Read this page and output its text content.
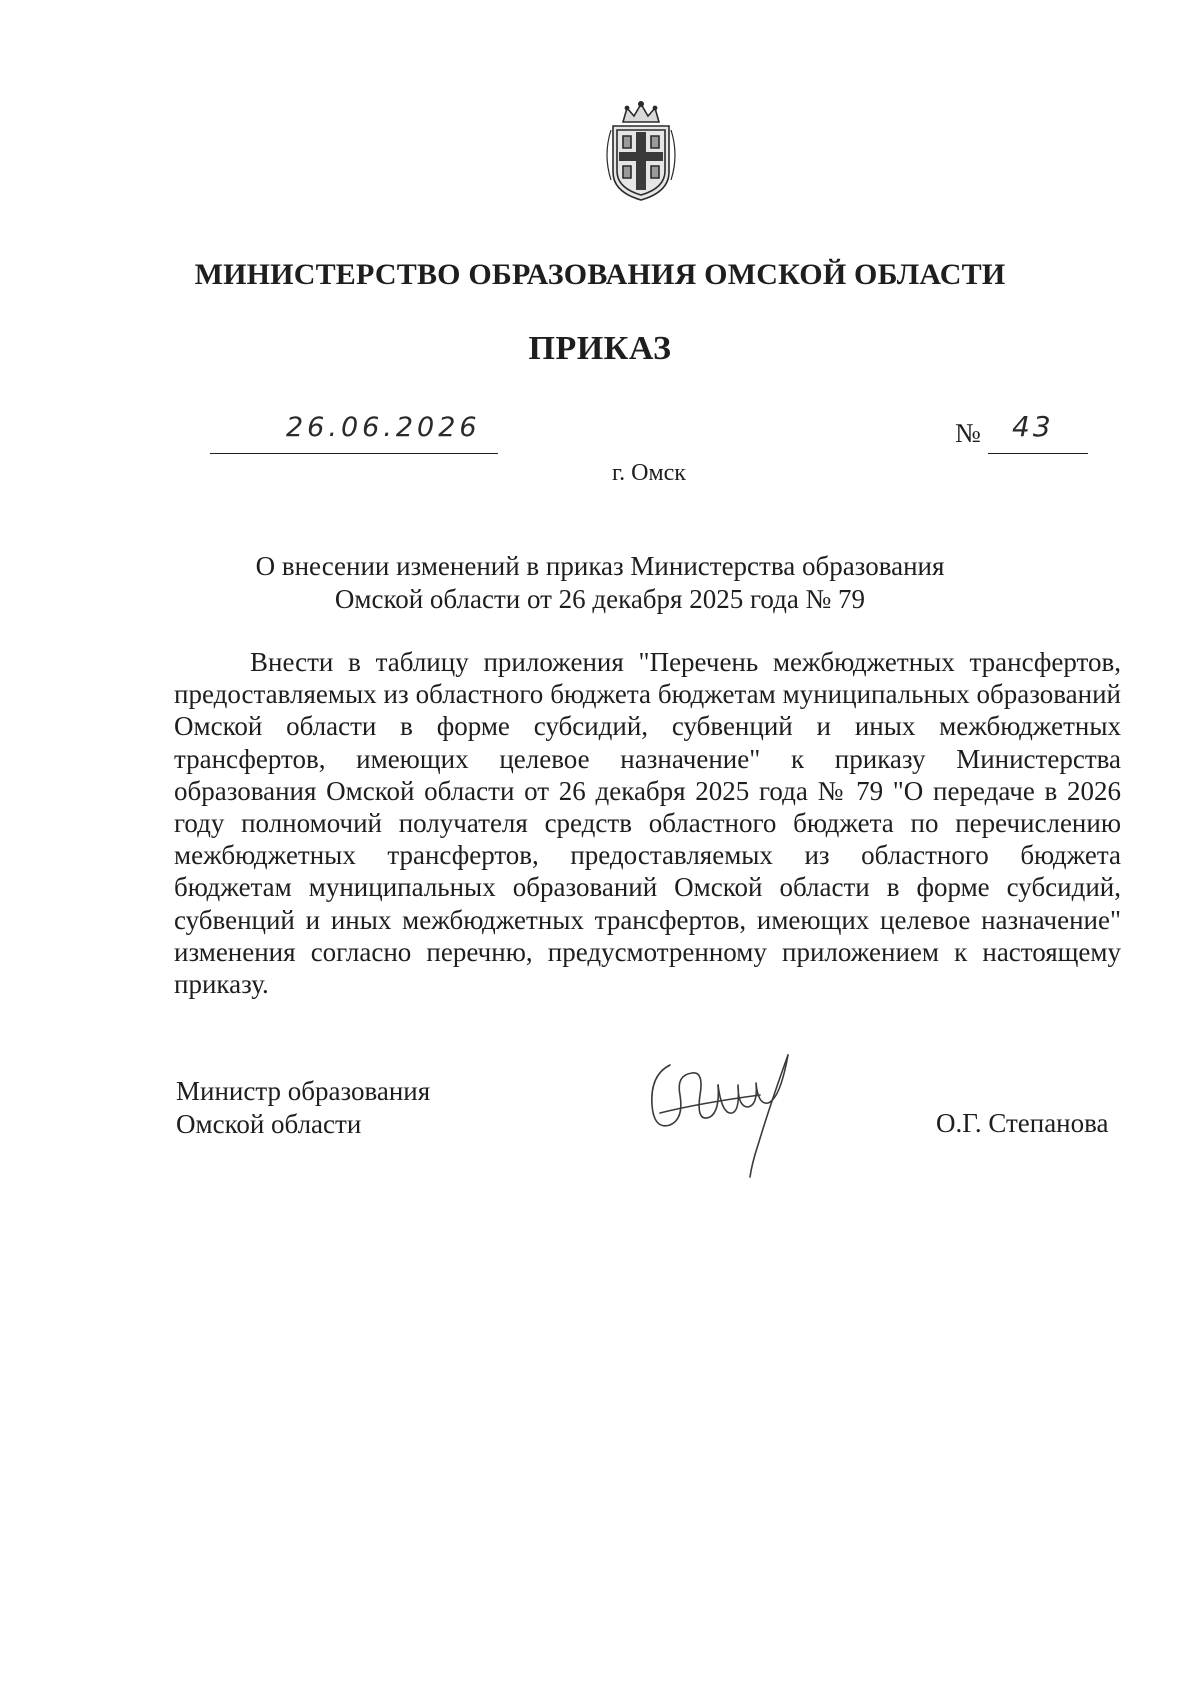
МИНИСТЕРСТВО ОБРАЗОВАНИЯ ОМСКОЙ ОБЛАСТИ
ПРИКАЗ
26.06.2026	№ 43
г. Омск
О внесении изменений в приказ Министерства образования
Омской области от 26 декабря 2025 года № 79

Внести в таблицу приложения "Перечень межбюджетных трансфертов, предоставляемых из областного бюджета бюджетам муниципальных образований Омской области в форме субсидий, субвенций и иных межбюджетных трансфертов, имеющих целевое назначение" к приказу Министерства образования Омской области от 26 декабря 2025 года № 79 "О передаче в 2026 году полномочий получателя средств областного бюджета по перечислению межбюджетных трансфертов, предоставляемых из областного бюджета бюджетам муниципальных образований Омской области в форме субсидий, субвенций и иных межбюджетных трансфертов, имеющих целевое назначение" изменения согласно перечню, предусмотренному приложением к настоящему приказу.

Министр образования
Омской области	О.Г. Степанова
